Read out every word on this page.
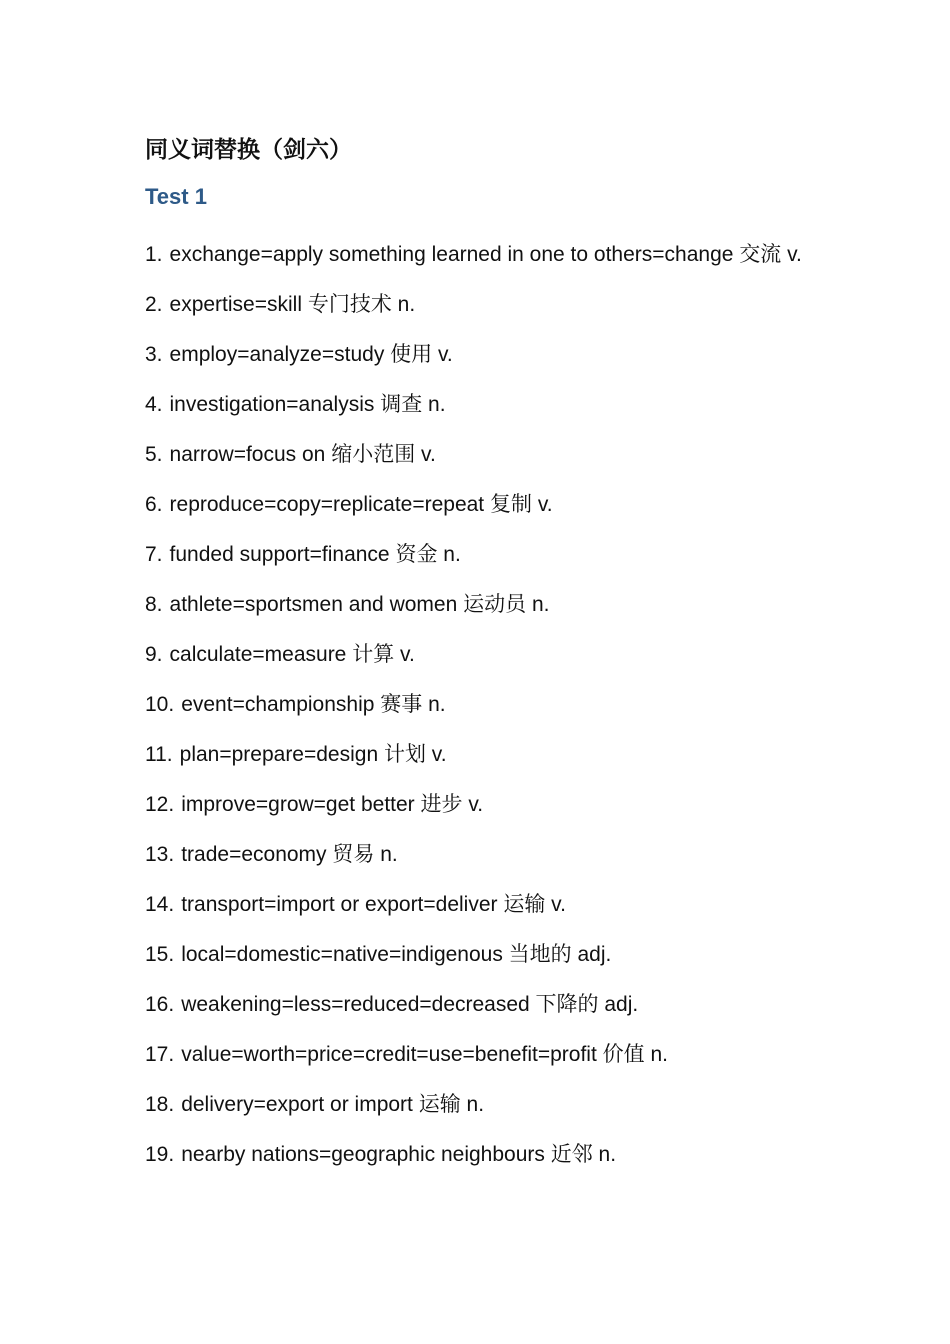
同义词替换（剑六）
Test 1
1. exchange=apply something learned in one to others=change 交流 v.
2. expertise=skill 专门技术 n.
3. employ=analyze=study 使用 v.
4. investigation=analysis 调查 n.
5. narrow=focus on 缩小范围 v.
6. reproduce=copy=replicate=repeat 复制 v.
7. funded support=finance 资金 n.
8. athlete=sportsmen and women 运动员 n.
9. calculate=measure 计算 v.
10. event=championship 赛事 n.
11. plan=prepare=design 计划 v.
12. improve=grow=get better 进步 v.
13. trade=economy 贸易 n.
14. transport=import or export=deliver 运输 v.
15. local=domestic=native=indigenous 当地的 adj.
16. weakening=less=reduced=decreased 下降的 adj.
17. value=worth=price=credit=use=benefit=profit 价值 n.
18. delivery=export or import 运输 n.
19. nearby nations=geographic neighbours 近邻 n.
